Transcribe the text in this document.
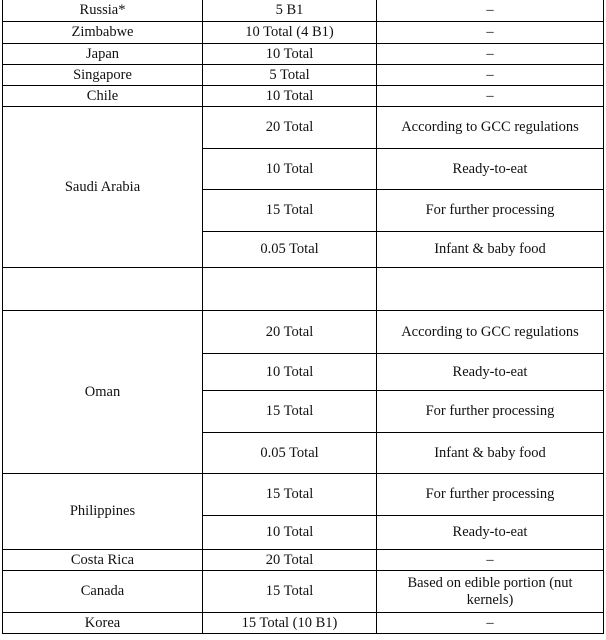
Russia*	5 B1	–
Zimbabwe	10 Total (4 B1)	–
Japan	10 Total	–
Singapore	5 Total	–
Chile	10 Total	–
Saudi Arabia	20 Total	According to GCC regulations
	10 Total	Ready-to-eat
	15 Total	For further processing
	0.05 Total	Infant & baby food

Oman	20 Total	According to GCC regulations
	10 Total	Ready-to-eat
	15 Total	For further processing
	0.05 Total	Infant & baby food
Philippines	15 Total	For further processing
	10 Total	Ready-to-eat
Costa Rica	20 Total	–
Canada	15 Total	Based on edible portion (nut kernels)
Korea	15 Total (10 B1)	–
